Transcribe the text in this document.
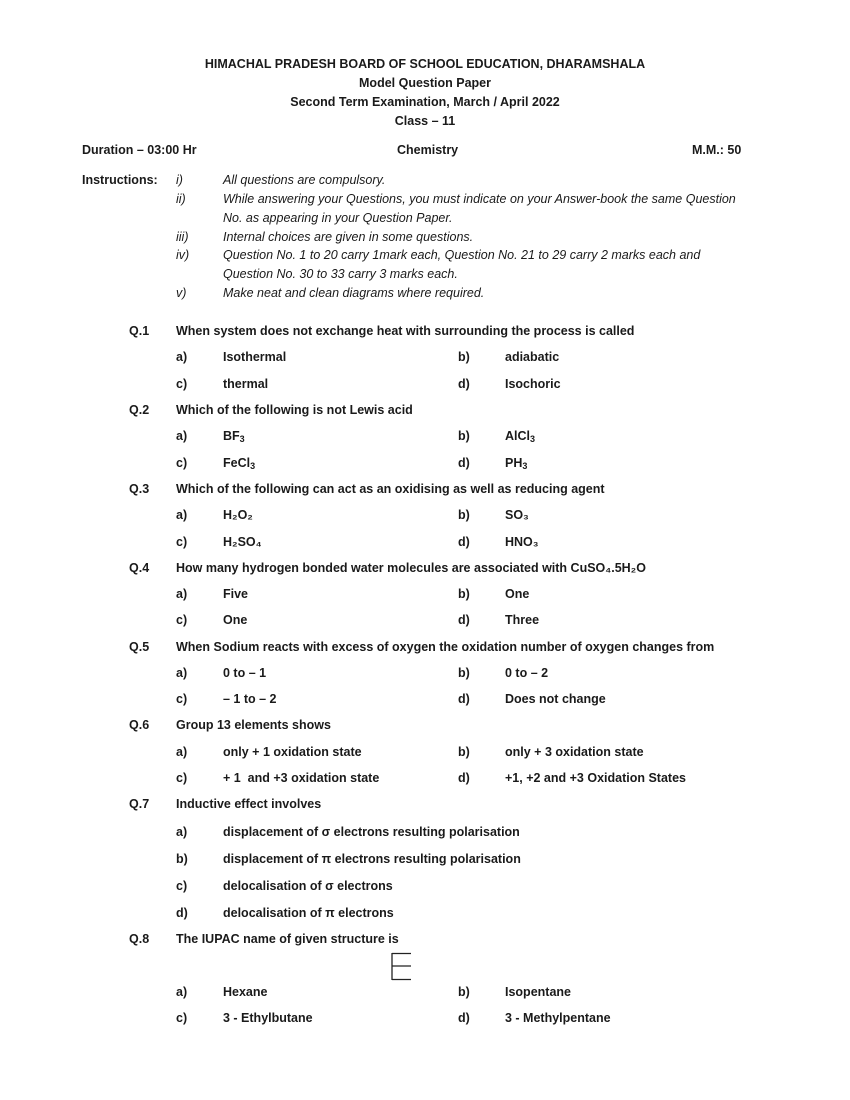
HIMACHAL PRADESH BOARD OF SCHOOL EDUCATION, DHARAMSHALA
Model Question Paper
Second Term Examination, March / April 2022
Class – 11
Duration – 03:00 Hr	Chemistry	M.M.: 50
Instructions: i)	All questions are compulsory.
ii)	While answering your Questions, you must indicate on your Answer-book the same Question
No. as appearing in your Question Paper.
iii)	Internal choices are given in some questions.
iv)	Question No. 1 to 20 carry 1mark each, Question No. 21 to 29 carry 2 marks each and
Question No. 30 to 33 carry 3 marks each.
v)	Make neat and clean diagrams where required.
Q.1 When system does not exchange heat with surrounding the process is called
a)	Isothermal	b)	adiabatic
c)	thermal	d)	Isochoric
Q.2 Which of the following is not Lewis acid
a)	$BF_3$	b)	AlCl$_3$
c)	FeCl$_3$	d)	$PH_3$
Q.3 Which of the following can act as an oxidising as well as reducing agent
a)	H₂O₂	b)	SO₃
c)	H₂SO₄	d)	HNO₃
Q.4 How many hydrogen bonded water molecules are associated with CuSO₄.5H₂O
a)	Five	b)	One
c)	One	d)	Three
Q.5 When Sodium reacts with excess of oxygen the oxidation number of oxygen changes from
a)	0 to – 1	b)	0 to – 2
c)	– 1 to – 2	d)	Does not change
Q.6 Group 13 elements shows
a)	only + 1 oxidation state	b)	only + 3 oxidation state
c)	+ 1  and +3 oxidation state	d)	+1, +2 and +3 Oxidation States
Q.7 Inductive effect involves
a)	displacement of σ electrons resulting polarisation
b)	displacement of π electrons resulting polarisation
c)	delocalisation of σ electrons
d)	delocalisation of π electrons
Q.8 The IUPAC name of given structure is
a)	Hexane	b)	Isopentane
c)	3 - Ethylbutane	d)	3 - Methylpentane
